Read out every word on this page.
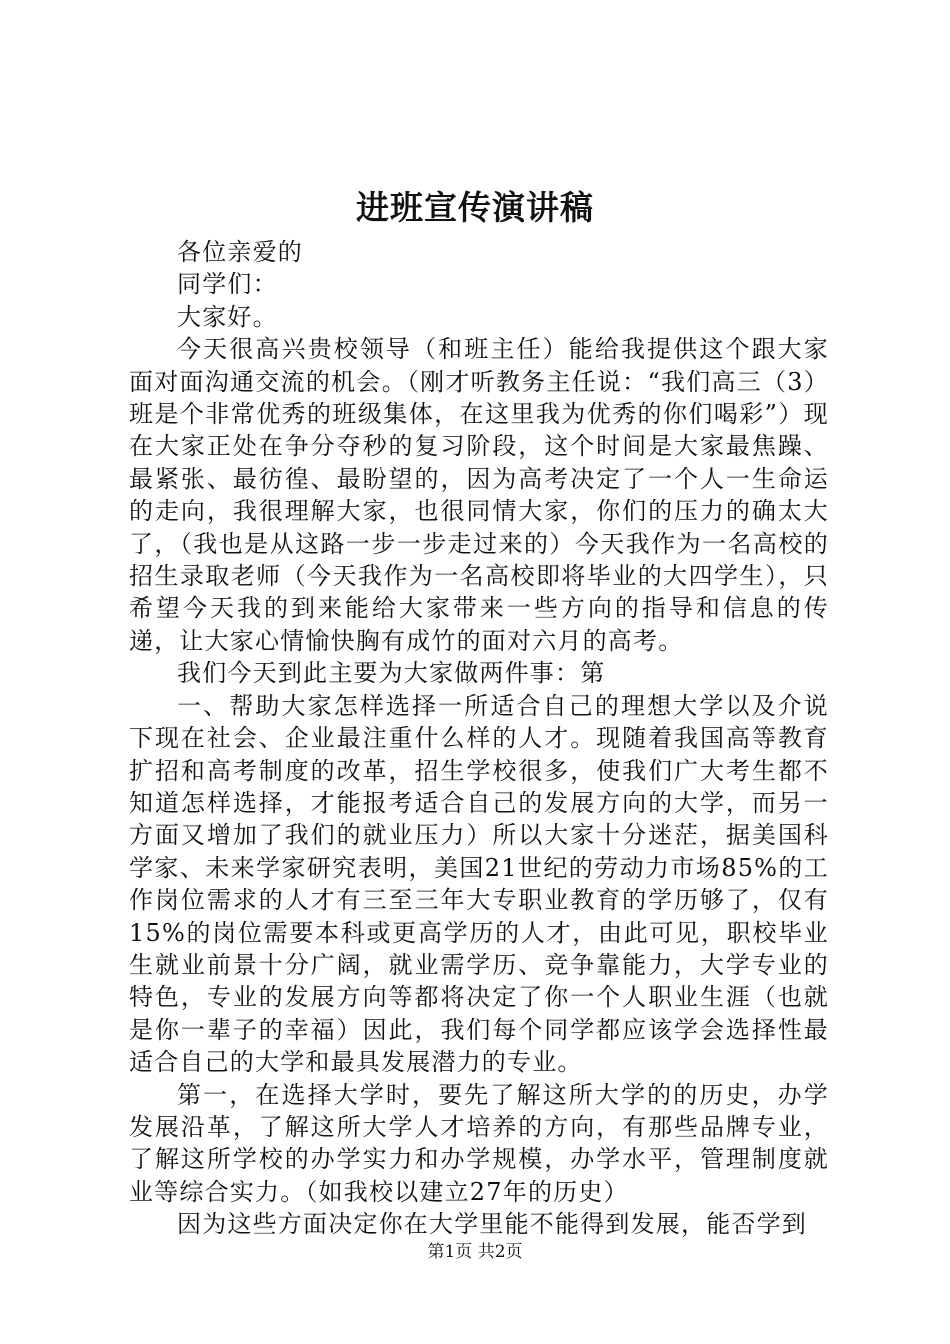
进班宣传演讲稿

各位亲爱的

同学们：

大家好。

今天很高兴贵校领导（和班主任）能给我提供这个跟大家面对面沟通交流的机会。（刚才听教务主任说：“我们高三（3）班是个非常优秀的班级集体，在这里我为优秀的你们喝彩”）现在大家正处在争分夺秒的复习阶段，这个时间是大家最焦躁、最紧张、最彷徨、最盼望的，因为高考决定了一个人一生命运的走向，我很理解大家，也很同情大家，你们的压力的确太大了，（我也是从这路一步一步走过来的）今天我作为一名高校的招生录取老师（今天我作为一名高校即将毕业的大四学生），只希望今天我的到来能给大家带来一些方向的指导和信息的传递，让大家心情愉快胸有成竹的面对六月的高考。

我们今天到此主要为大家做两件事：第

一、帮助大家怎样选择一所适合自己的理想大学以及介说下现在社会、企业最注重什么样的人才。现随着我国高等教育扩招和高考制度的改革，招生学校很多，使我们广大考生都不知道怎样选择，才能报考适合自己的发展方向的大学，而另一方面又增加了我们的就业压力）所以大家十分迷茫，据美国科学家、未来学家研究表明，美国21世纪的劳动力市场85%的工作岗位需求的人才有三至三年大专职业教育的学历够了，仅有15%的岗位需要本科或更高学历的人才，由此可见，职校毕业生就业前景十分广阔，就业需学历、竞争靠能力，大学专业的特色，专业的发展方向等都将决定了你一个人职业生涯（也就是你一辈子的幸福）因此，我们每个同学都应该学会选择性最适合自己的大学和最具发展潜力的专业。

第一，在选择大学时，要先了解这所大学的的历史，办学发展沿革，了解这所大学人才培养的方向，有那些品牌专业，了解这所学校的办学实力和办学规模，办学水平，管理制度就业等综合实力。（如我校以建立27年的历史）

因为这些方面决定你在大学里能不能得到发展，能否学到

第1页 共2页
